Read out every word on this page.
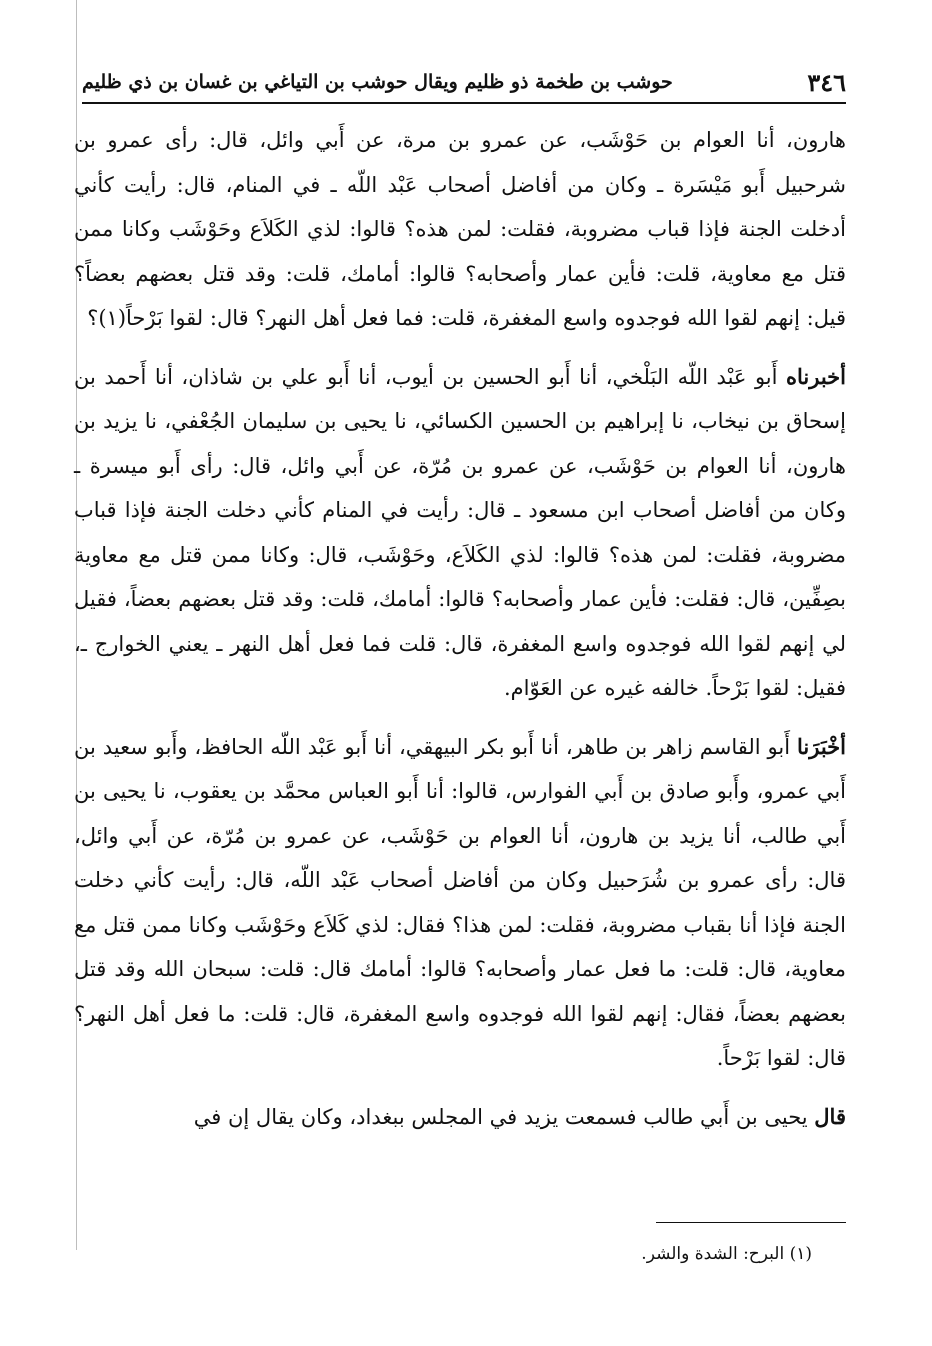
٣٤٦
حوشب بن طخمة ذو ظليم ويقال حوشب بن التياغي بن غسان بن ذي ظليم

هارون، أنا العوام بن حَوْشَب، عن عمرو بن مرة، عن أَبي وائل، قال: رأى عمرو بن شرحبيل أَبو مَيْسَرة ـ وكان من أفاضل أصحاب عَبْد اللّه ـ في المنام، قال: رأيت كأني أدخلت الجنة فإذا قباب مضروبة، فقلت: لمن هذه؟ قالوا: لذي الكَلاَع وحَوْشَب وكانا ممن قتل مع معاوية، قلت: فأين عمار وأصحابه؟ قالوا: أمامك، قلت: وقد قتل بعضهم بعضاً؟ قيل: إنهم لقوا الله فوجدوه واسع المغفرة، قلت: فما فعل أهل النهر؟ قال: لقوا بَرْحاً(١)؟

أخبرناه أَبو عَبْد اللّه البَلْخي، أنا أَبو الحسين بن أيوب، أنا أَبو علي بن شاذان، أنا أَحمد بن إسحاق بن نيخاب، نا إبراهيم بن الحسين الكسائي، نا يحيى بن سليمان الجُعْفي، نا يزيد بن هارون، أنا العوام بن حَوْشَب، عن عمرو بن مُرّة، عن أَبي وائل، قال: رأى أَبو ميسرة ـ وكان من أفاضل أصحاب ابن مسعود ـ قال: رأيت في المنام كأني دخلت الجنة فإذا قباب مضروبة، فقلت: لمن هذه؟ قالوا: لذي الكَلاَع، وحَوْشَب، قال: وكانا ممن قتل مع معاوية بصِفِّين، قال: فقلت: فأين عمار وأصحابه؟ قالوا: أمامك، قلت: وقد قتل بعضهم بعضاً، فقيل لي إنهم لقوا الله فوجدوه واسع المغفرة، قال: قلت فما فعل أهل النهر ـ يعني الخوارج ـ، فقيل: لقوا بَرْحاً. خالفه غيره عن العَوّام.

أخْبَرَنا أَبو القاسم زاهر بن طاهر، أنا أَبو بكر البيهقي، أنا أَبو عَبْد اللّه الحافظ، وأَبو سعيد بن أَبي عمرو، وأَبو صادق بن أَبي الفوارس، قالوا: أنا أَبو العباس محمَّد بن يعقوب، نا يحيى بن أَبي طالب، أنا يزيد بن هارون، أنا العوام بن حَوْشَب، عن عمرو بن مُرّة، عن أَبي وائل، قال: رأى عمرو بن شُرَحبيل وكان من أفاضل أصحاب عَبْد اللّه، قال: رأيت كأني دخلت الجنة فإذا أنا بقباب مضروبة، فقلت: لمن هذا؟ فقال: لذي كَلاَع وحَوْشَب وكانا ممن قتل مع معاوية، قال: قلت: ما فعل عمار وأصحابه؟ قالوا: أمامك قال: قلت: سبحان الله وقد قتل بعضهم بعضاً، فقال: إنهم لقوا الله فوجدوه واسع المغفرة، قال: قلت: ما فعل أهل النهر؟ قال: لقوا بَرْحاً.

قال يحيى بن أَبي طالب فسمعت يزيد في المجلس ببغداد، وكان يقال إن في

(١) البرح: الشدة والشر.
